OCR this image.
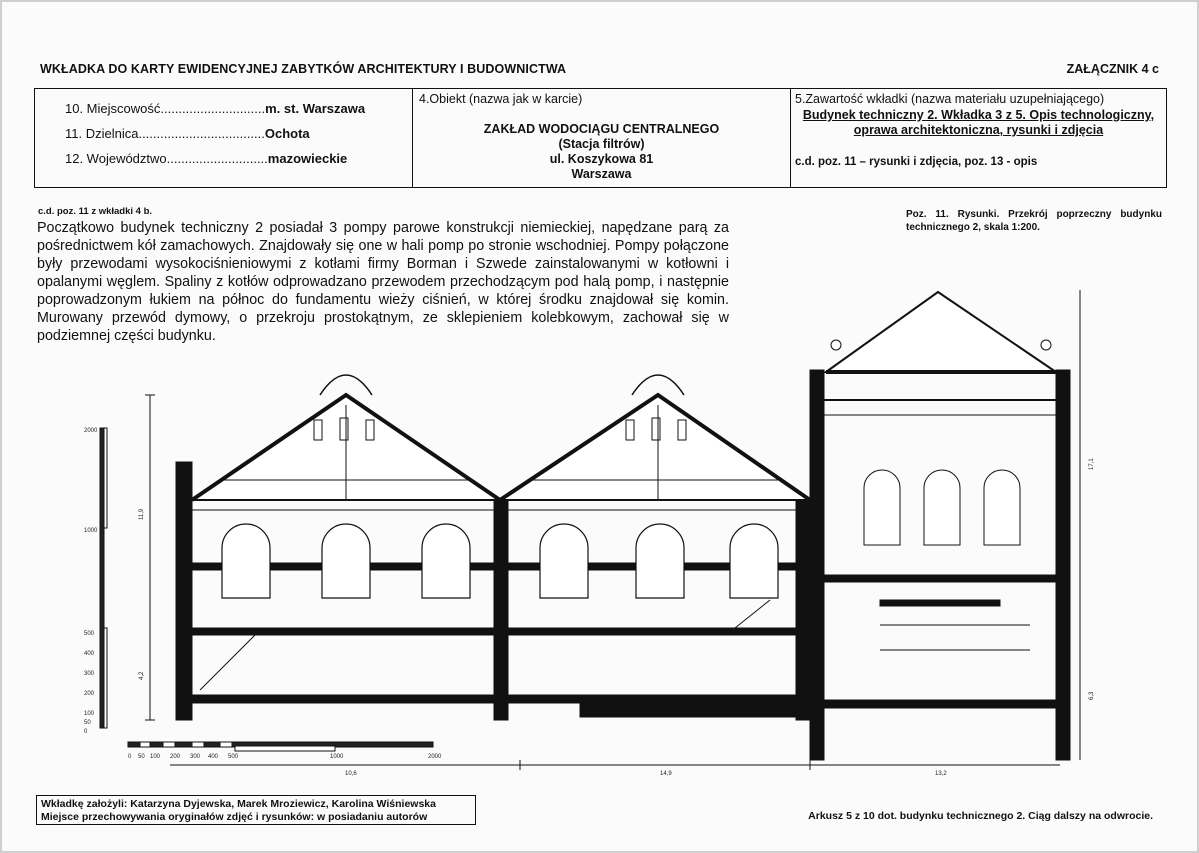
WKŁADKA DO KARTY EWIDENCYJNEJ ZABYTKÓW ARCHITEKTURY I BUDOWNICTWA	ZAŁĄCZNIK 4 c
10. Miejscowość.............................m. st. Warszawa
11. Dzielnica...................................Ochota
12. Województwo............................mazowieckie
4.Obiekt (nazwa jak w karcie)
ZAKŁAD WODOCIĄGU CENTRALNEGO
(Stacja filtrów)
ul. Koszykowa 81
Warszawa
5.Zawartość wkładki (nazwa materiału uzupełniającego)
Budynek techniczny 2. Wkładka 3 z 5. Opis technologiczny, oprawa architektoniczna, rysunki i zdjęcia
c.d. poz. 11 – rysunki i zdjęcia, poz. 13 - opis
c.d. poz. 11 z wkładki 4 b.
Początkowo budynek techniczny 2 posiadał 3 pompy parowe konstrukcji niemieckiej, napędzane parą za pośrednictwem kół zamachowych. Znajdowały się one w hali pomp po stronie wschodniej. Pompy połączone były przewodami wysokociśnieniowymi z kotłami firmy Borman i Szwede zainstalowanymi w kotłowni i opalanymi węglem. Spaliny z kotłów odprowadzano przewodem przechodzącym pod halą pomp, i następnie poprowadzonym łukiem na północ do fundamentu wieży ciśnień, w której środku znajdował się komin. Murowany przewód dymowy, o przekroju prostokątnym, ze sklepieniem kolebkowym, zachował się w podziemnej części budynku.
Poz. 11. Rysunki. Przekrój poprzeczny budynku technicznego 2, skala 1:200.
2000
1000
500
400
300
200
100
50
0
0 50 100 200 300 400 500	1000	2000
11,9
4,2
17,1
6,3
10,6	14,9	13,2
Wkładkę założyli: Katarzyna Dyjewska, Marek Mroziewicz, Karolina Wiśniewska
Miejsce przechowywania oryginałów zdjęć i rysunków: w posiadaniu autorów	Arkusz 5 z 10 dot. budynku technicznego 2. Ciąg dalszy na odwrocie.
